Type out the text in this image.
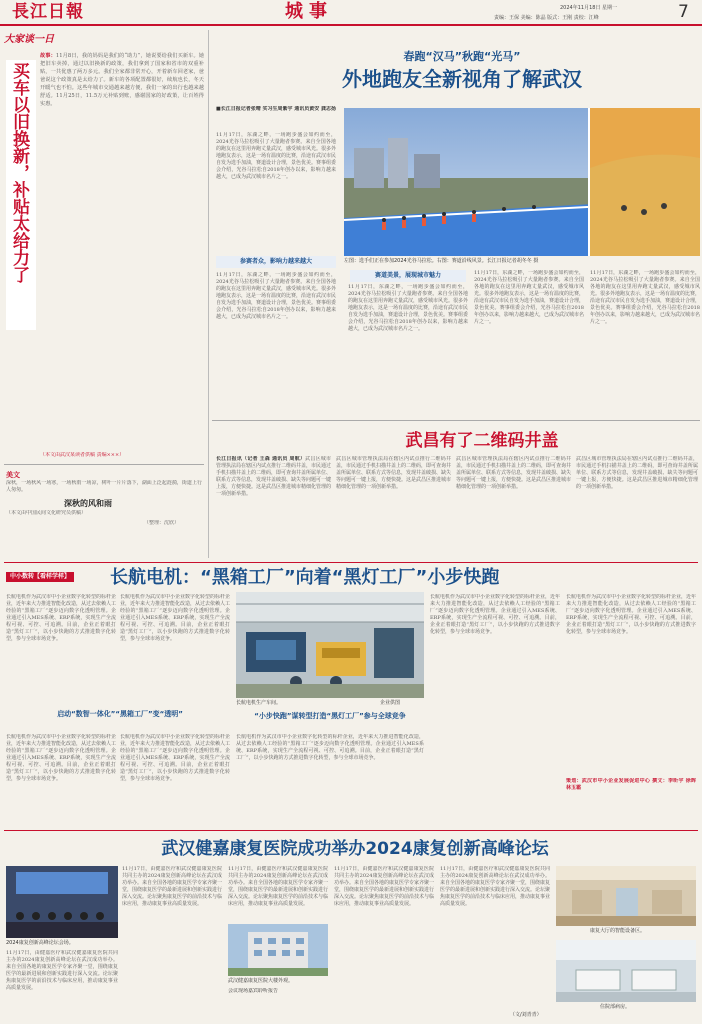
長江日報	城事	2024年11月18日 星期一
责编：王保 美编：陈晶 版式：王刚 责校：江峰	7
大家谈一日
买车以旧换新，补贴太给力了
故事：11月8日，我的妈妈是我们的“助力”，她说要给我们买新车。她把旧车卖掉，通过以旧换新的政策，我们拿到了国家和省市的双重补贴，一共优惠了两万多元。我们全家都非常开心，开着新车回老家，爸爸说这个政策真是太给力了。新车的各项配置都很好，续航也长，冬天开暖气也不怕。这些年城市交通越来越方便，我们一家的出行也越来越舒适。11月25日，11.5万元补贴到账，感谢国家的好政策，让百姓得实惠。
（本文由武汉某读者供稿 责编×××）
美文
深秋的风和雨
深秋，一场秋风一场寒，一场秋雨一场凉，树叶一片片落下，湖面上泛起涟漪，街道上行人匆匆。
（本文由中国民间文化研究员供稿）
（整理：沈欣）
春跑“汉马”秋跑“光马”
外地跑友全新视角了解武汉
■长江日报记者张晴 实习生周紫宇 通讯员黄安 龚志扬
参赛者众，影响力越来越大
11月17日，东湖之畔，一场跑步盛会如约而至，2024光谷马拉松吸引了大量跑者参赛。来自全国各地的跑友在这里用奔跑丈量武汉，感受城市风光。很多外地跑友表示，这是一场有温度的比赛，沿途有武汉市民自发为选手加油，赛道设计合理，景色优美。赛事组委会介绍，光谷马拉松自2018年创办以来，影响力越来越大，已成为武汉城市名片之一。
11月17日，东湖之畔，一场跑步盛会如约而至，2024光谷马拉松吸引了大量跑者参赛。来自全国各地的跑友在这里用奔跑丈量武汉，感受城市风光。很多外地跑友表示，这是一场有温度的比赛，沿途有武汉市民自发为选手加油，赛道设计合理，景色优美。赛事组委会介绍，光谷马拉松自2018年创办以来，影响力越来越大，已成为武汉城市名片之一。
左图：选手们正在参加2024光谷马拉松。右图：赛道沿线风景。长江日报记者胡冬冬 摄
赛道美景，展现城市魅力
11月17日，东湖之畔，一场跑步盛会如约而至，2024光谷马拉松吸引了大量跑者参赛。来自全国各地的跑友在这里用奔跑丈量武汉，感受城市风光。很多外地跑友表示，这是一场有温度的比赛，沿途有武汉市民自发为选手加油，赛道设计合理，景色优美。赛事组委会介绍，光谷马拉松自2018年创办以来，影响力越来越大，已成为武汉城市名片之一。
11月17日，东湖之畔，一场跑步盛会如约而至，2024光谷马拉松吸引了大量跑者参赛。来自全国各地的跑友在这里用奔跑丈量武汉，感受城市风光。很多外地跑友表示，这是一场有温度的比赛，沿途有武汉市民自发为选手加油，赛道设计合理，景色优美。赛事组委会介绍，光谷马拉松自2018年创办以来，影响力越来越大，已成为武汉城市名片之一。
11月17日，东湖之畔，一场跑步盛会如约而至，2024光谷马拉松吸引了大量跑者参赛。来自全国各地的跑友在这里用奔跑丈量武汉，感受城市风光。很多外地跑友表示，这是一场有温度的比赛，沿途有武汉市民自发为选手加油，赛道设计合理，景色优美。赛事组委会介绍，光谷马拉松自2018年创办以来，影响力越来越大，已成为武汉城市名片之一。
武昌有了二维码井盖
长江日报讯（记者 王森 通讯员 周航）武昌区城市管理执法局在辖区内试点推行二维码井盖，市民通过手机扫描井盖上的二维码，即可查询井盖所属单位、联系方式等信息，发现井盖破损、缺失等问题可一键上报，方便快捷。这是武昌区推进城市精细化管理的一项创新举措。
武昌区城市管理执法局在辖区内试点推行二维码井盖，市民通过手机扫描井盖上的二维码，即可查询井盖所属单位、联系方式等信息，发现井盖破损、缺失等问题可一键上报，方便快捷。这是武昌区推进城市精细化管理的一项创新举措。
武昌区城市管理执法局在辖区内试点推行二维码井盖，市民通过手机扫描井盖上的二维码，即可查询井盖所属单位、联系方式等信息，发现井盖破损、缺失等问题可一键上报，方便快捷。这是武昌区推进城市精细化管理的一项创新举措。
武昌区城市管理执法局在辖区内试点推行二维码井盖，市民通过手机扫描井盖上的二维码，即可查询井盖所属单位、联系方式等信息，发现井盖破损、缺失等问题可一键上报，方便快捷。这是武昌区推进城市精细化管理的一项创新举措。
中小数转【看样学样】 长航电机：“黑箱工厂”向着“黑灯工厂”小步快跑
长航电机作为武汉市中小企业数字化转型的标杆企业，近年来大力推进智能化改造，从过去依赖人工经验的“黑箱工厂”逐步迈向数字化透明管理。企业通过引入MES系统、ERP系统，实现生产全流程可视、可控、可追溯。目前，企业正着眼打造“黑灯工厂”，以小步快跑的方式推进数字化转型，参与全球市场竞争。
长航电机作为武汉市中小企业数字化转型的标杆企业，近年来大力推进智能化改造，从过去依赖人工经验的“黑箱工厂”逐步迈向数字化透明管理。企业通过引入MES系统、ERP系统，实现生产全流程可视、可控、可追溯。目前，企业正着眼打造“黑灯工厂”，以小步快跑的方式推进数字化转型，参与全球市场竞争。
长航电机生产车间。	企业供图
长航电机作为武汉市中小企业数字化转型的标杆企业，近年来大力推进智能化改造，从过去依赖人工经验的“黑箱工厂”逐步迈向数字化透明管理。企业通过引入MES系统、ERP系统，实现生产全流程可视、可控、可追溯。目前，企业正着眼打造“黑灯工厂”，以小步快跑的方式推进数字化转型，参与全球市场竞争。
长航电机作为武汉市中小企业数字化转型的标杆企业，近年来大力推进智能化改造，从过去依赖人工经验的“黑箱工厂”逐步迈向数字化透明管理。企业通过引入MES系统、ERP系统，实现生产全流程可视、可控、可追溯。目前，企业正着眼打造“黑灯工厂”，以小步快跑的方式推进数字化转型，参与全球市场竞争。
启动“数智一体化”“黑箱工厂”变“透明”
长航电机作为武汉市中小企业数字化转型的标杆企业，近年来大力推进智能化改造，从过去依赖人工经验的“黑箱工厂”逐步迈向数字化透明管理。企业通过引入MES系统、ERP系统，实现生产全流程可视、可控、可追溯。目前，企业正着眼打造“黑灯工厂”，以小步快跑的方式推进数字化转型，参与全球市场竞争。
长航电机作为武汉市中小企业数字化转型的标杆企业，近年来大力推进智能化改造，从过去依赖人工经验的“黑箱工厂”逐步迈向数字化透明管理。企业通过引入MES系统、ERP系统，实现生产全流程可视、可控、可追溯。目前，企业正着眼打造“黑灯工厂”，以小步快跑的方式推进数字化转型，参与全球市场竞争。
“小步快跑”谋转型打造“黑灯工厂”参与全球竞争
长航电机作为武汉市中小企业数字化转型的标杆企业，近年来大力推进智能化改造，从过去依赖人工经验的“黑箱工厂”逐步迈向数字化透明管理。企业通过引入MES系统、ERP系统，实现生产全流程可视、可控、可追溯。目前，企业正着眼打造“黑灯工厂”，以小步快跑的方式推进数字化转型，参与全球市场竞争。
策划：武汉市中小企业发展促进中心 撰文：李昕宇 徐晖 林玉霜
武汉健嘉康复医院成功举办2024康复创新高峰论坛
2024康复创新高峰论坛会场。
11月17日，由健嘉医疗和武汉健嘉康复医院共同主办的2024康复创新高峰论坛在武汉成功举办。来自全国各地的康复医学专家齐聚一堂，围绕康复医学的最新进展和创新实践进行深入交流。论坛聚焦康复医学的前沿技术与临床应用，推动康复事业高质量发展。
11月17日，由健嘉医疗和武汉健嘉康复医院共同主办的2024康复创新高峰论坛在武汉成功举办。来自全国各地的康复医学专家齐聚一堂，围绕康复医学的最新进展和创新实践进行深入交流。论坛聚焦康复医学的前沿技术与临床应用，推动康复事业高质量发展。
11月17日，由健嘉医疗和武汉健嘉康复医院共同主办的2024康复创新高峰论坛在武汉成功举办。来自全国各地的康复医学专家齐聚一堂，围绕康复医学的最新进展和创新实践进行深入交流。论坛聚焦康复医学的前沿技术与临床应用，推动康复事业高质量发展。
武汉健嘉康复医院大楼外观。
会议现场嘉宾聆听报告
11月17日，由健嘉医疗和武汉健嘉康复医院共同主办的2024康复创新高峰论坛在武汉成功举办。来自全国各地的康复医学专家齐聚一堂，围绕康复医学的最新进展和创新实践进行深入交流。论坛聚焦康复医学的前沿技术与临床应用，推动康复事业高质量发展。
11月17日，由健嘉医疗和武汉健嘉康复医院共同主办的2024康复创新高峰论坛在武汉成功举办。来自全国各地的康复医学专家齐聚一堂，围绕康复医学的最新进展和创新实践进行深入交流。论坛聚焦康复医学的前沿技术与临床应用，推动康复事业高质量发展。
（文/刘青青）
康复大厅的智能设备区。
住院部病房。
